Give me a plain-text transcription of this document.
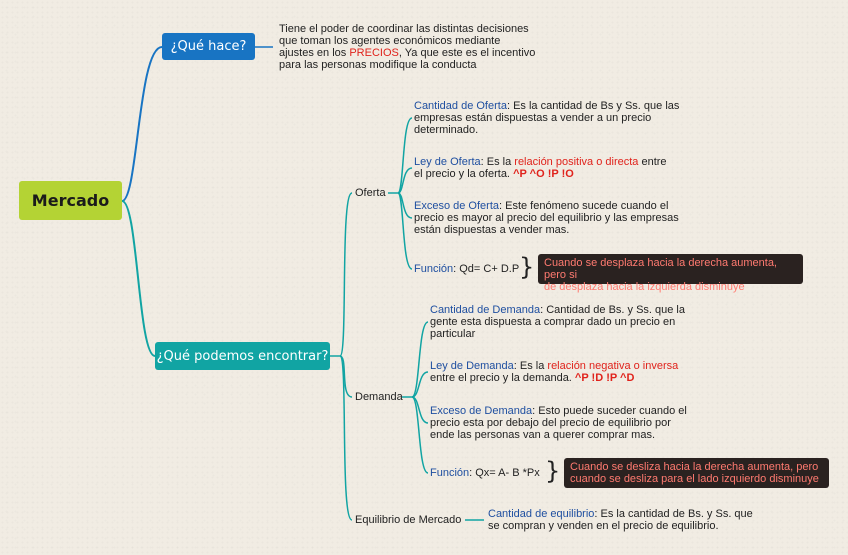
Mercado
¿Qué hace?
Tiene el poder de coordinar las distintas decisiones
que toman los agentes económicos mediante
ajustes en los PRECIOS, Ya que este es el incentivo
para las personas modifique la conducta
¿Qué podemos encontrar?
Oferta
Cantidad de Oferta: Es la cantidad de Bs y Ss. que las
empresas están dispuestas a vender a un precio
determinado.
Ley de Oferta: Es la relación positiva o directa entre
el precio y la oferta. ^P ^O !P !O
Exceso de Oferta: Este fenómeno sucede cuando el
precio es mayor al precio del equilibrio y las empresas
están dispuestas a vender mas.
Función: Qd= C+ D.P } Cuando se desplaza hacia la derecha aumenta, pero si
de desplaza hacia la izquierda disminuye
Demanda
Cantidad de Demanda: Cantidad de Bs. y Ss. que la
gente esta dispuesta a comprar dado un precio en
particular
Ley de Demanda: Es la relación negativa o inversa
entre el precio y la demanda. ^P !D !P ^D
Exceso de Demanda: Esto puede suceder cuando el
precio esta por debajo del precio de equilibrio por
ende las personas van a querer comprar mas.
Función: Qx= A- B *Px } Cuando se desliza hacia la derecha aumenta, pero
cuando se desliza para el lado izquierdo disminuye
Equilibrio de Mercado Cantidad de equilibrio: Es la cantidad de Bs. y Ss. que
se compran y venden en el precio de equilibrio.
